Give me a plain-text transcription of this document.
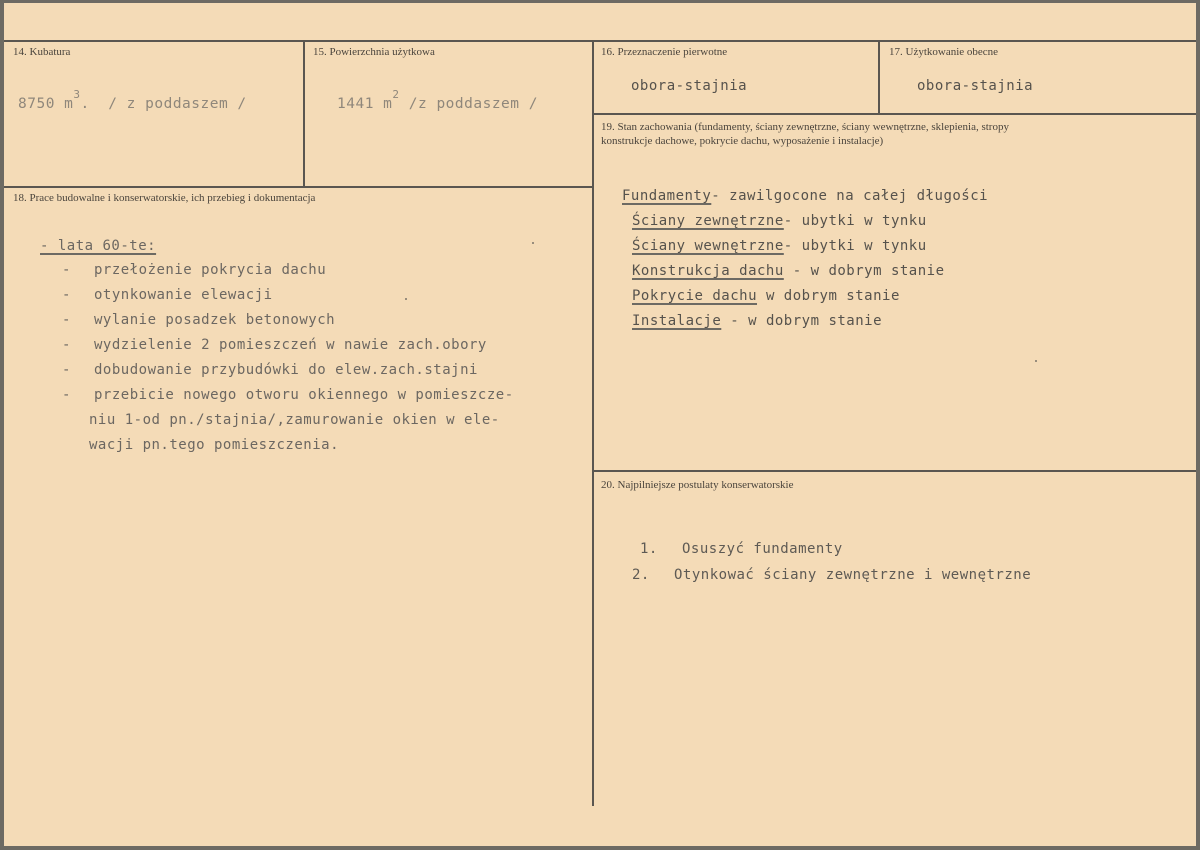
14. Kubatura
8750 $m^3$.  / z poddaszem /
15. Powierzchnia użytkowa
1441 $m^2$ /z poddaszem /
16. Przeznaczenie pierwotne
obora-stajnia
17. Użytkowanie obecne
obora-stajnia
19. Stan zachowania (fundamenty, ściany zewnętrzne, ściany wewnętrzne, sklepienia, stropy konstrukcje dachowe, pokrycie dachu, wyposażenie i instalacje)
Fundamenty- zawilgocone na całej długości
Ściany zewnętrzne- ubytki w tynku
Ściany wewnętrzne- ubytki w tynku
Konstrukcja dachu - w dobrym stanie
Pokrycie dachu w dobrym stanie
Instalacje - w dobrym stanie
18. Prace budowalne i konserwatorskie, ich przebieg i dokumentacja
- lata 60-te:
- przełożenie pokrycia dachu
- otynkowanie elewacji
- wylanie posadzek betonowych
- wydzielenie 2 pomieszczeń w nawie zach.obory
- dobudowanie przybudówki do elew.zach.stajni
- przebicie nowego otworu okiennego w pomieszcze-
niu 1-od pn./stajnia/,zamurowanie okien w ele-
wacji pn.tego pomieszczenia.
20. Najpilniejsze postulaty konserwatorskie
1. Osuszyć fundamenty
2. Otynkować ściany zewnętrzne i wewnętrzne
